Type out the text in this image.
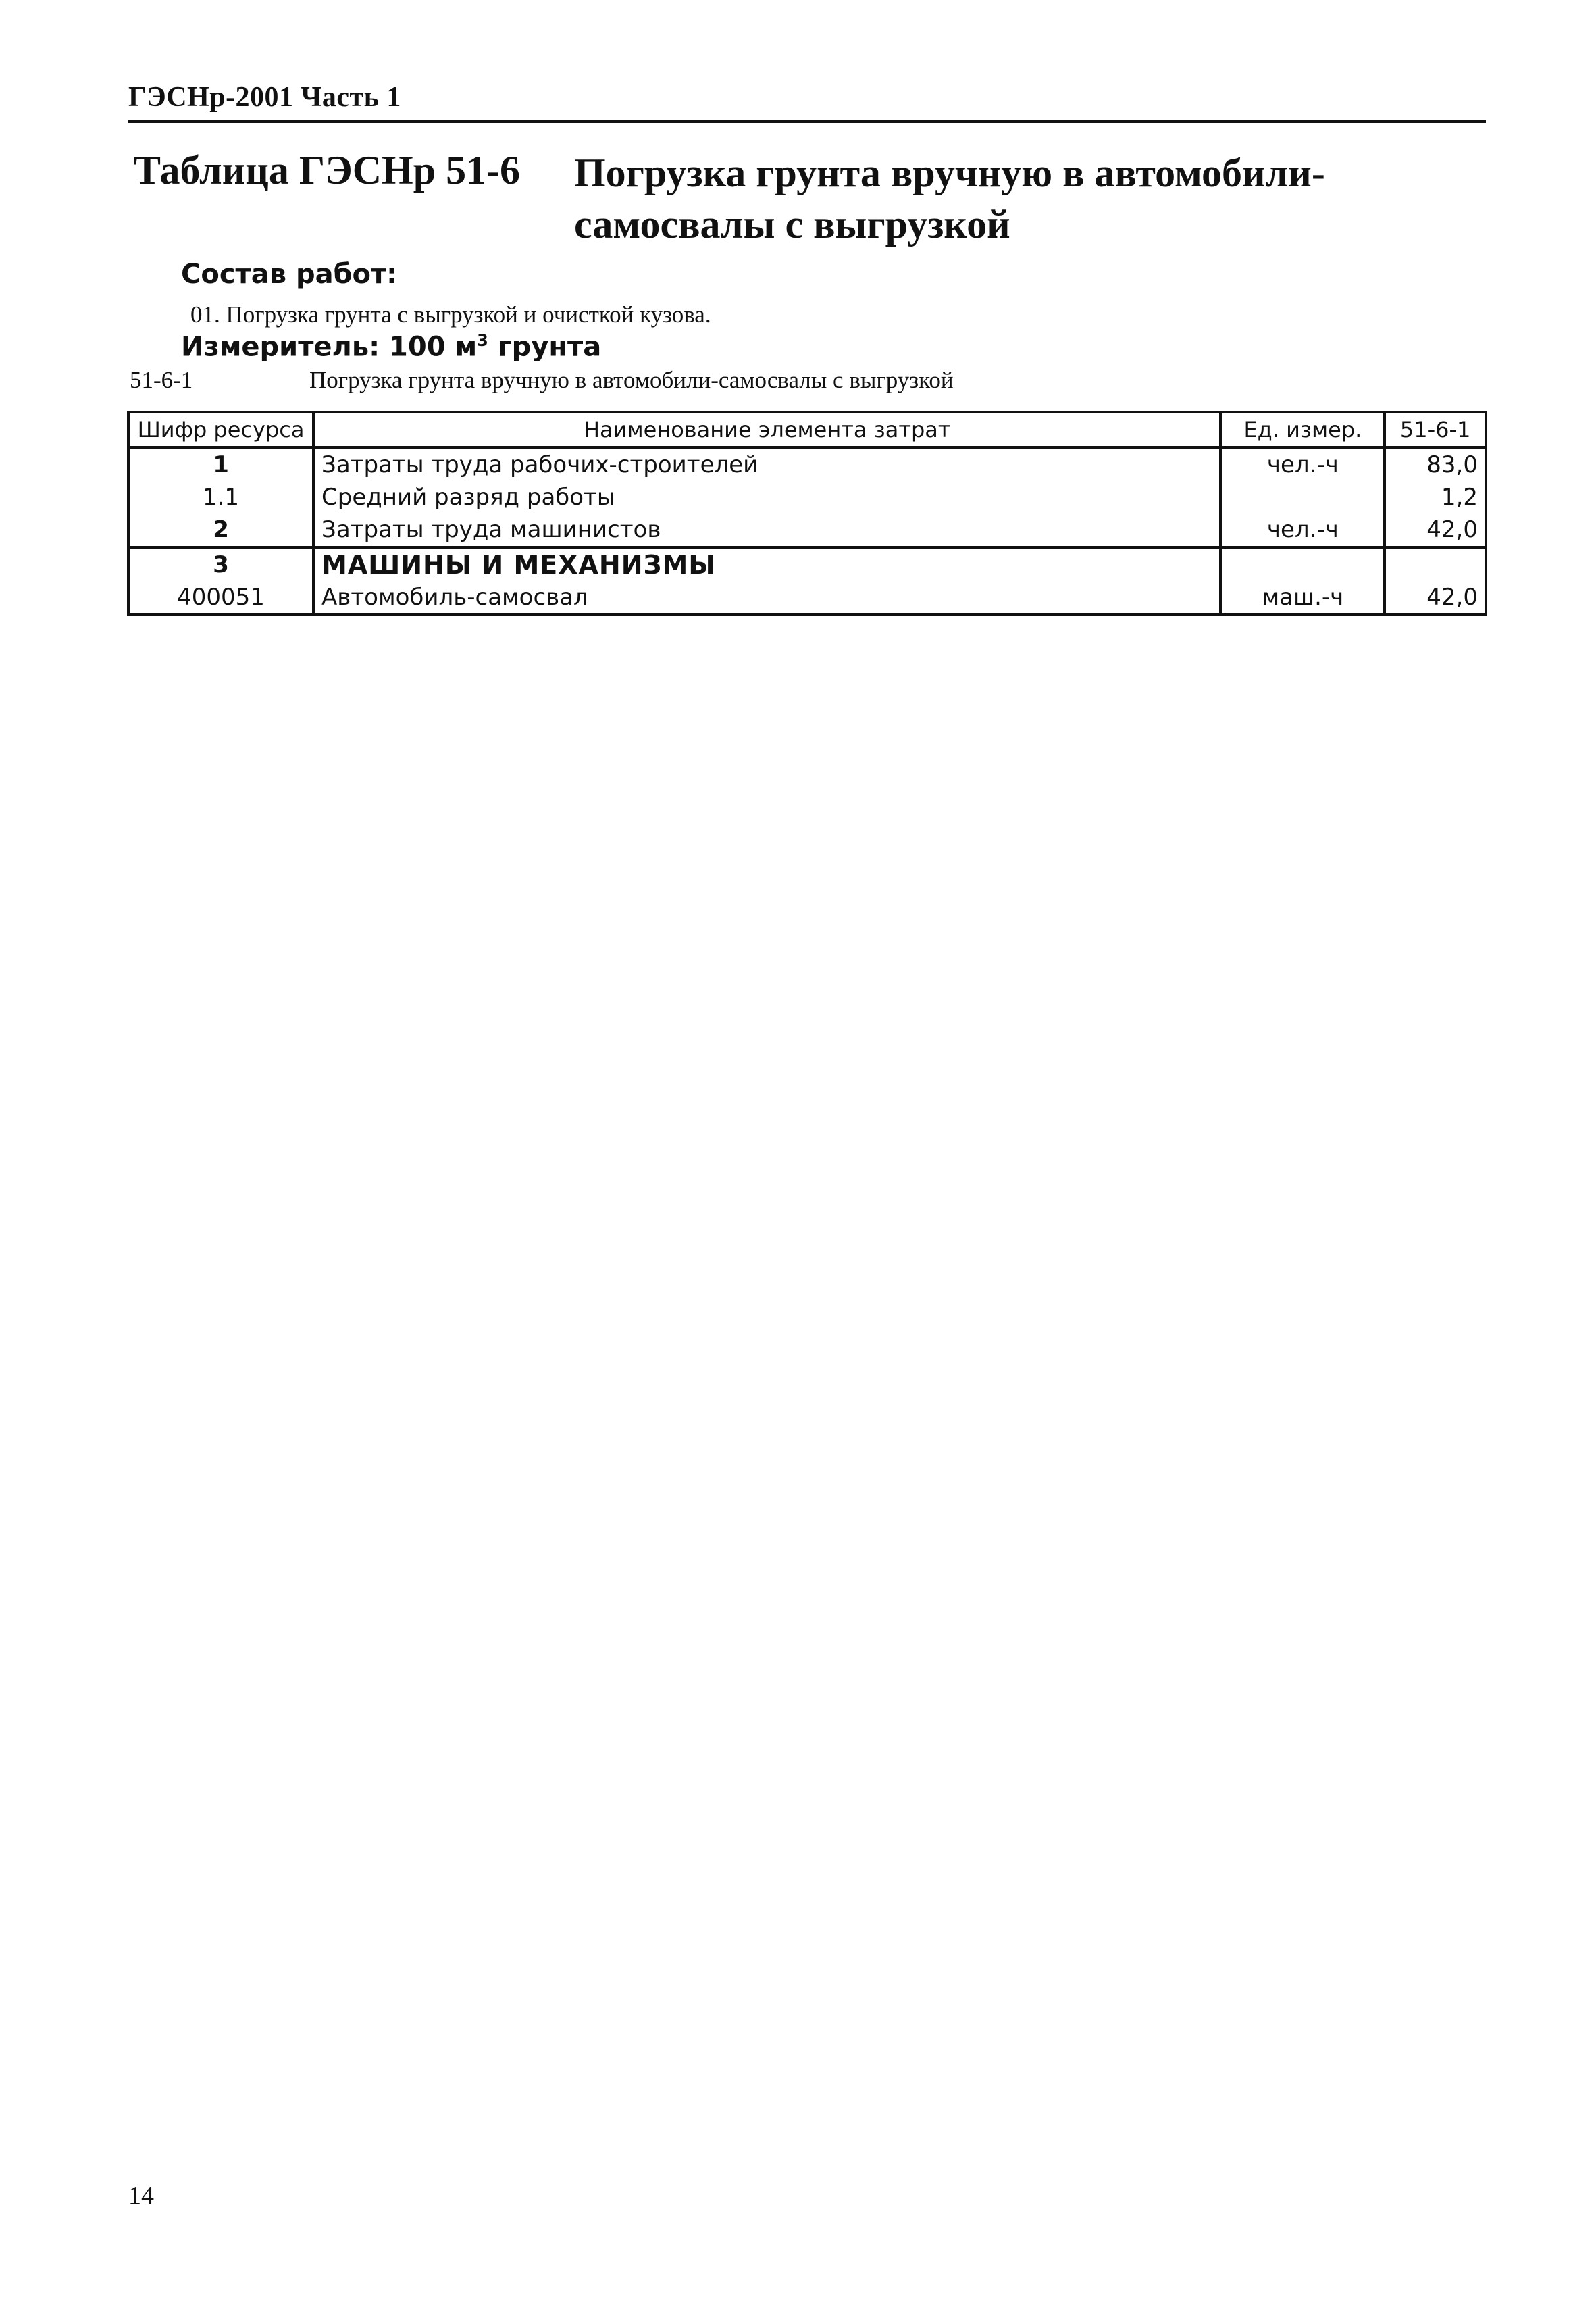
ГЭСНр-2001 Часть 1
Таблица ГЭСНр 51-6 Погрузка грунта вручную в автомобили-самосвалы с выгрузкой
Состав работ:
01. Погрузка грунта с выгрузкой и очисткой кузова.
Измеритель: 100 $м^3$ грунта
51-6-1	Погрузка грунта вручную в автомобили-самосвалы с выгрузкой
Шифр ресурса	Наименование элемента затрат	Ед. измер.	51-6-1
1	Затраты труда рабочих-строителей	чел.-ч	83,0
1.1	Средний разряд работы		1,2
2	Затраты труда машинистов	чел.-ч	42,0
3	МАШИНЫ И МЕХАНИЗМЫ		
400051	Автомобиль-самосвал	маш.-ч	42,0
14
